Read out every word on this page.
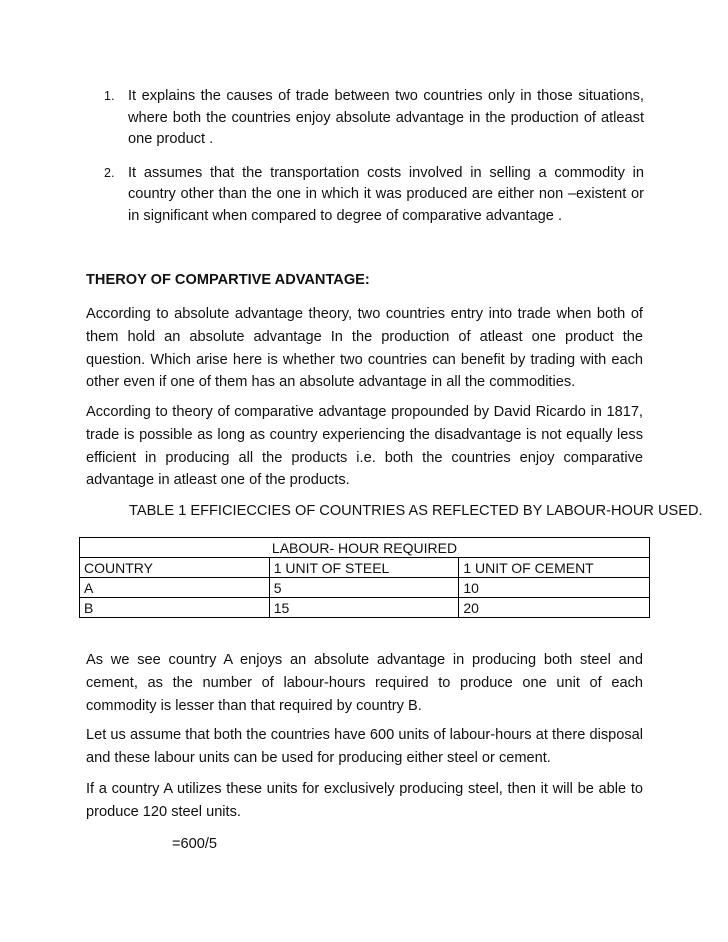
1. It explains the causes of trade between two countries only in those situations, where both the countries enjoy absolute advantage in the production of atleast one product .
2. It assumes that the transportation costs involved in selling a commodity in country other than the one in which it was produced are either non –existent or in significant when compared to degree of comparative advantage .

THEROY OF COMPARTIVE ADVANTAGE:

According to absolute advantage theory, two countries entry into trade when both of them hold an absolute advantage In the production of atleast one product the question. Which arise here is whether two countries can benefit by trading with each other even if one of them has an absolute advantage in all the commodities.

According to theory of comparative advantage propounded by David Ricardo in 1817, trade is possible as long as country experiencing the disadvantage is not equally less efficient in producing all the products i.e. both the countries enjoy comparative advantage in atleast one of the products.

TABLE 1 EFFICIECCIES OF COUNTRIES AS REFLECTED BY LABOUR-HOUR USED.

LABOUR- HOUR REQUIRED		
COUNTRY	1 UNIT OF STEEL	1 UNIT OF CEMENT
A	5	10
B	15	20

As we see country A enjoys an absolute advantage in producing both steel and cement, as the number of labour-hours required to produce one unit of each commodity is lesser than that required by country B.

Let us assume that both the countries have 600 units of labour-hours at there disposal and these labour units can be used for producing either steel or cement.

If a country A utilizes these units for exclusively producing steel, then it will be able to produce 120 steel units.

=600/5
